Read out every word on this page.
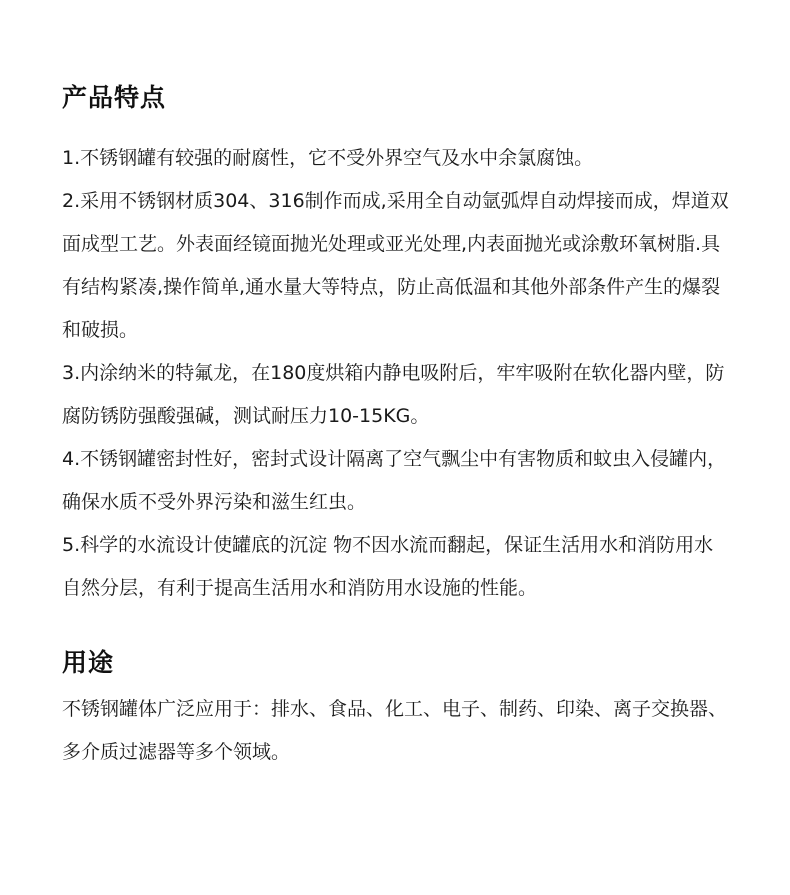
产品特点

1.不锈钢罐有较强的耐腐性，它不受外界空气及水中余氯腐蚀。

2.采用不锈钢材质304、316制作而成,采用全自动氩弧焊自动焊接而成，焊道双面成型工艺。外表面经镜面抛光处理或亚光处理,内表面抛光或涂敷环氧树脂.具有结构紧凑,操作简单,通水量大等特点，防止高低温和其他外部条件产生的爆裂和破损。

3.内涂纳米的特氟龙，在180度烘箱内静电吸附后，牢牢吸附在软化器内壁，防腐防锈防强酸强碱，测试耐压力10-15KG。

4.不锈钢罐密封性好，密封式设计隔离了空气飘尘中有害物质和蚊虫入侵罐内，确保水质不受外界污染和滋生红虫。

5.科学的水流设计使罐底的沉淀 物不因水流而翻起，保证生活用水和消防用水自然分层，有利于提高生活用水和消防用水设施的性能。

用途

不锈钢罐体广泛应用于：排水、食品、化工、电子、制药、印染、离子交换器、多介质过滤器等多个领域。
